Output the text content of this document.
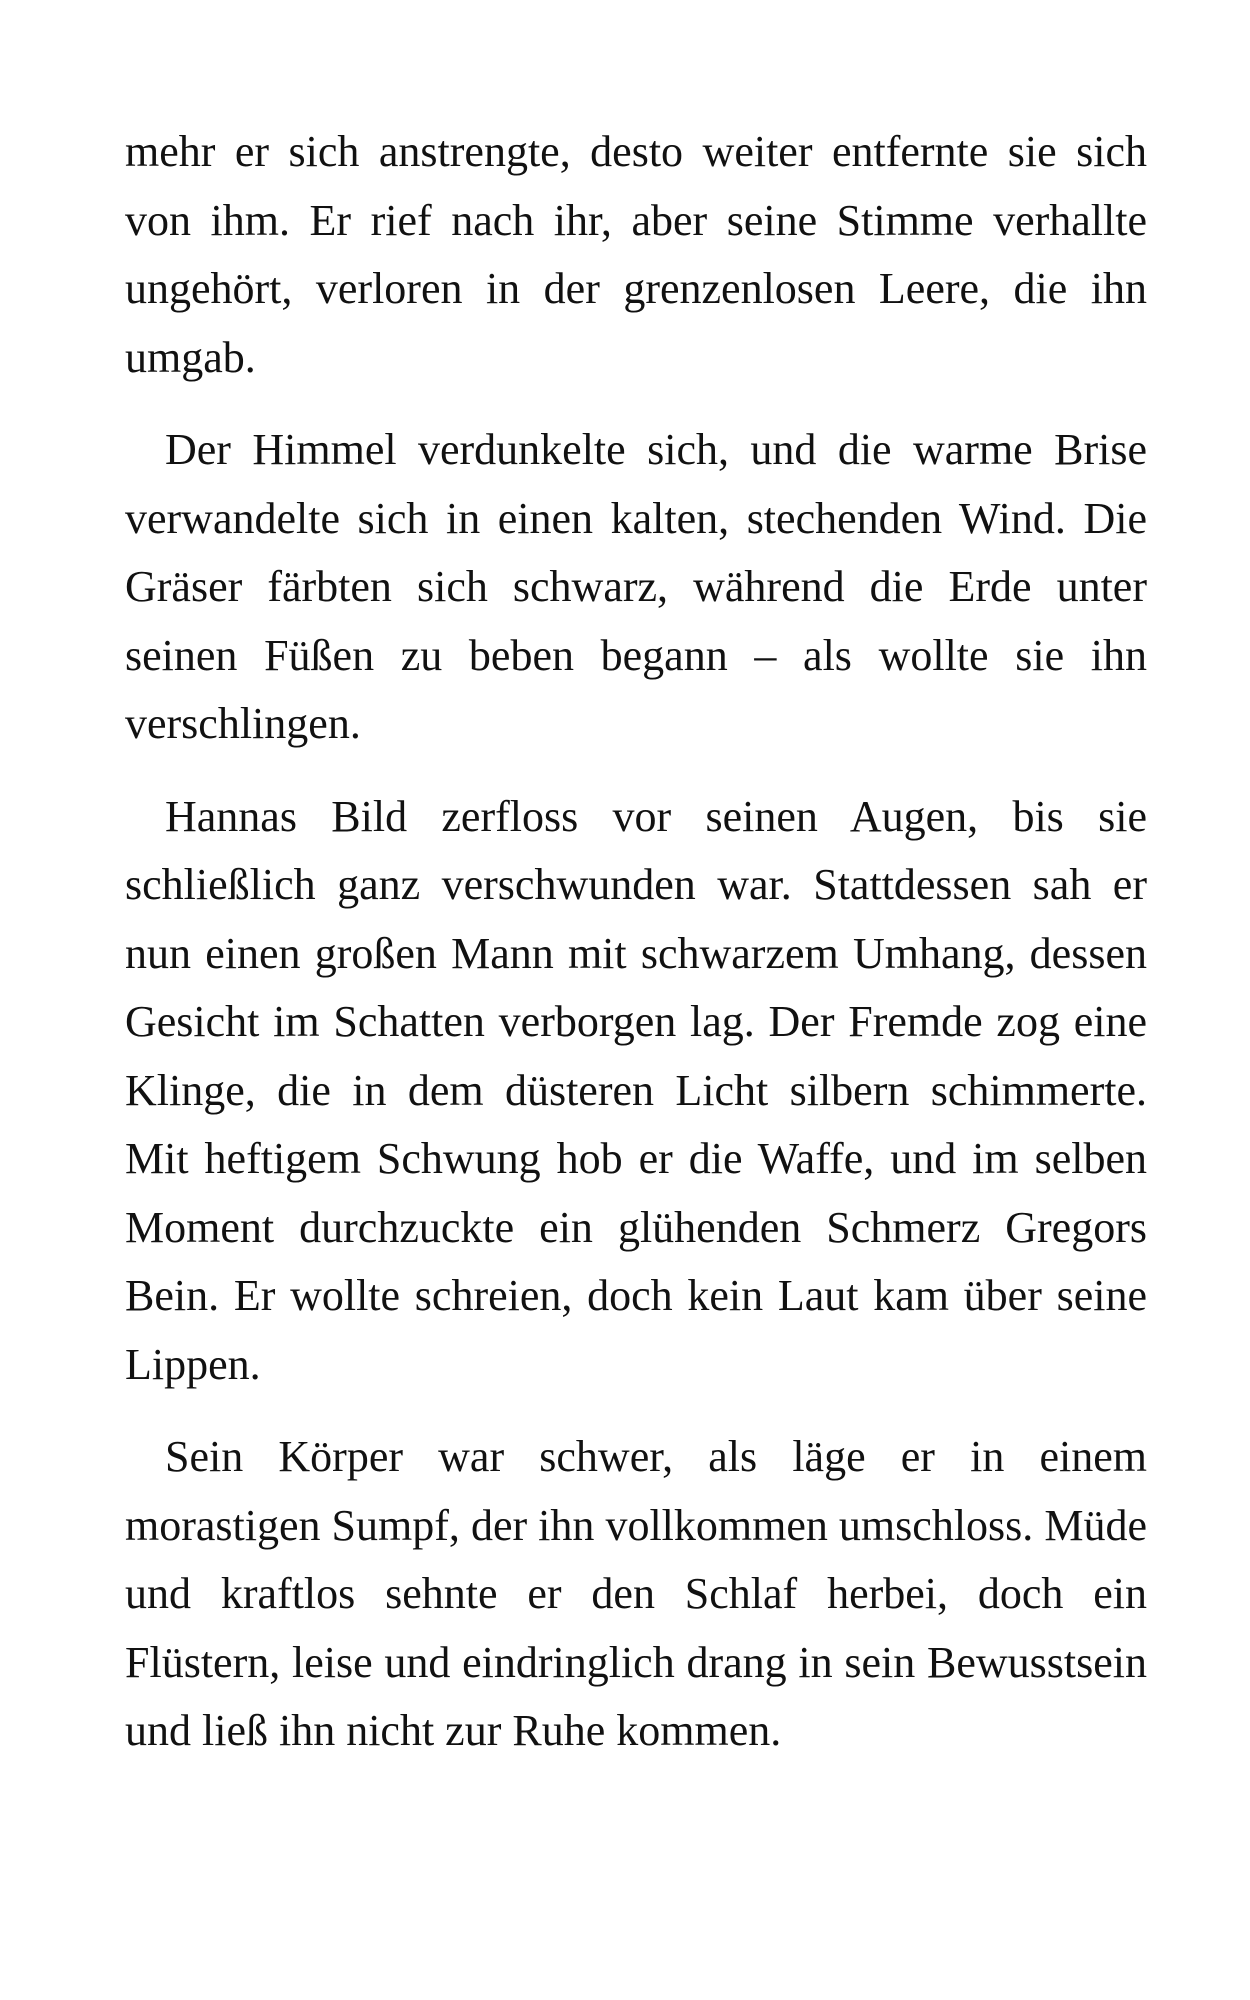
mehr er sich anstrengte, desto weiter entfernte sie sich von ihm. Er rief nach ihr, aber seine Stimme verhallte ungehört, verloren in der grenzenlosen Leere, die ihn umgab.

Der Himmel verdunkelte sich, und die warme Brise verwandelte sich in einen kalten, stechenden Wind. Die Gräser färbten sich schwarz, während die Erde unter seinen Füßen zu beben begann – als wollte sie ihn verschlingen.

Hannas Bild zerfloss vor seinen Augen, bis sie schließlich ganz verschwunden war. Stattdessen sah er nun einen großen Mann mit schwarzem Umhang, dessen Gesicht im Schatten verborgen lag. Der Fremde zog eine Klinge, die in dem düsteren Licht silbern schimmerte. Mit heftigem Schwung hob er die Waffe, und im selben Moment durchzuckte ein glühenden Schmerz Gregors Bein. Er wollte schreien, doch kein Laut kam über seine Lippen.

Sein Körper war schwer, als läge er in einem morastigen Sumpf, der ihn vollkommen umschloss. Müde und kraftlos sehnte er den Schlaf herbei, doch ein Flüstern, leise und eindringlich drang in sein Bewusstsein und ließ ihn nicht zur Ruhe kommen.
